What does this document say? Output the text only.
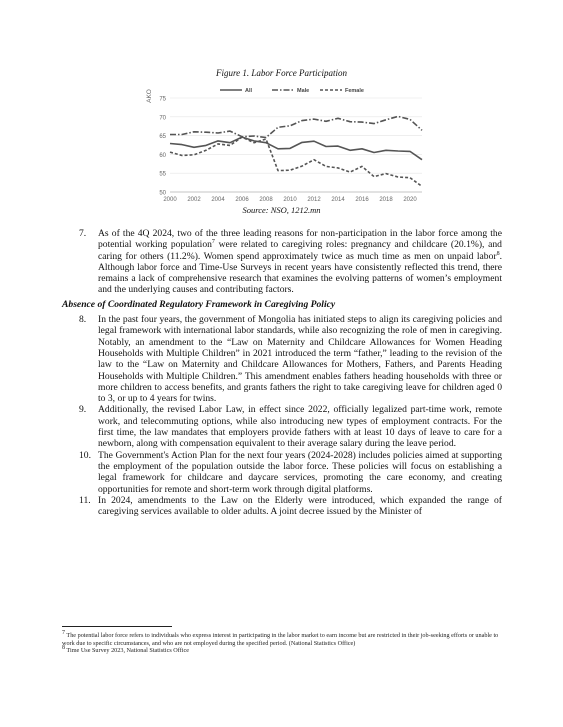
Figure 1. Labor Force Participation
50
55
60
65
70
75
2000 2002 2004 2006 2008 2010 2012 2014 2016 2018 2020
AKO	All	Male	Female
Source: NSO, 1212.mn
7.	As of the 4Q 2024, two of the three leading reasons for non-participation in the labor force among the potential working population$^7$ were related to caregiving roles: pregnancy and childcare (20.1%), and caring for others (11.2%). Women spend approximately twice as much time as men on unpaid labor$^8$. Although labor force and Time-Use Surveys in recent years have consistently reflected this trend, there remains a lack of comprehensive research that examines the evolving patterns of women’s employment and the underlying causes and contributing factors.
Absence of Coordinated Regulatory Framework in Caregiving Policy
8.	In the past four years, the government of Mongolia has initiated steps to align its caregiving policies and legal framework with international labor standards, while also recognizing the role of men in caregiving. Notably, an amendment to the “Law on Maternity and Childcare Allowances for Women Heading Households with Multiple Children” in 2021 introduced the term “father,” leading to the revision of the law to the “Law on Maternity and Childcare Allowances for Mothers, Fathers, and Parents Heading Households with Multiple Children.” This amendment enables fathers heading households with three or more children to access benefits, and grants fathers the right to take caregiving leave for children aged 0 to 3, or up to 4 years for twins.
9.	Additionally, the revised Labor Law, in effect since 2022, officially legalized part-time work, remote work, and telecommuting options, while also introducing new types of employment contracts. For the first time, the law mandates that employers provide fathers with at least 10 days of leave to care for a newborn, along with compensation equivalent to their average salary during the leave period.
10. The Government's Action Plan for the next four years (2024-2028) includes policies aimed at supporting the employment of the population outside the labor force. These policies will focus on establishing a legal framework for childcare and daycare services, promoting the care economy, and creating opportunities for remote and short-term work through digital platforms.
11. In 2024, amendments to the Law on the Elderly were introduced, which expanded the range of caregiving services available to older adults. A joint decree issued by the Minister of
$^7$ The potential labor force refers to individuals who express interest in participating in the labor market to earn income but are restricted in their job-seeking efforts or unable to work due to specific circumstances, and who are not employed during the specified period. (National Statistics Office)
$^8$ Time Use Survey 2023, National Statistics Office
